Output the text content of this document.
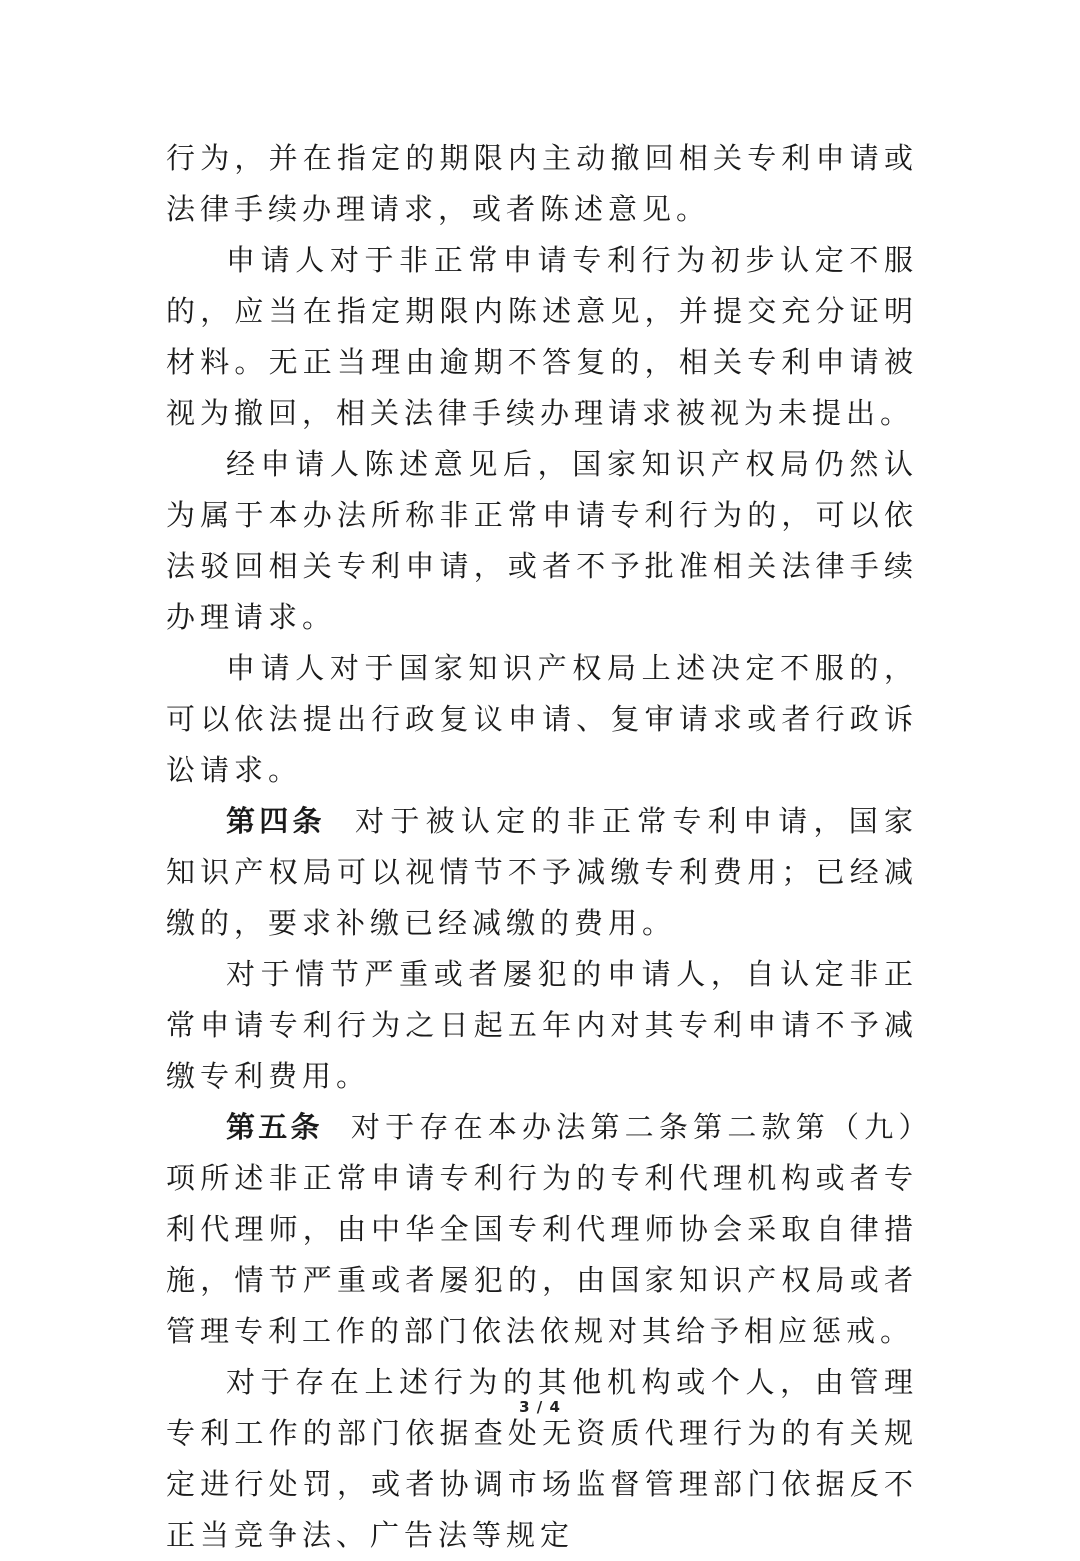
行为，并在指定的期限内主动撤回相关专利申请或法律手续办理请求，或者陈述意见。

申请人对于非正常申请专利行为初步认定不服的，应当在指定期限内陈述意见，并提交充分证明材料。无正当理由逾期不答复的，相关专利申请被视为撤回，相关法律手续办理请求被视为未提出。

经申请人陈述意见后，国家知识产权局仍然认为属于本办法所称非正常申请专利行为的，可以依法驳回相关专利申请，或者不予批准相关法律手续办理请求。

申请人对于国家知识产权局上述决定不服的，可以依法提出行政复议申请、复审请求或者行政诉讼请求。

第四条 对于被认定的非正常专利申请，国家知识产权局可以视情节不予减缴专利费用；已经减缴的，要求补缴已经减缴的费用。

对于情节严重或者屡犯的申请人，自认定非正常申请专利行为之日起五年内对其专利申请不予减缴专利费用。

第五条 对于存在本办法第二条第二款第（九）项所述非正常申请专利行为的专利代理机构或者专利代理师，由中华全国专利代理师协会采取自律措施，情节严重或者屡犯的，由国家知识产权局或者管理专利工作的部门依法依规对其给予相应惩戒。

对于存在上述行为的其他机构或个人，由管理专利工作的部门依据查处无资质代理行为的有关规定进行处罚，或者协调市场监督管理部门依据反不正当竞争法、广告法等规定

3 / 4
